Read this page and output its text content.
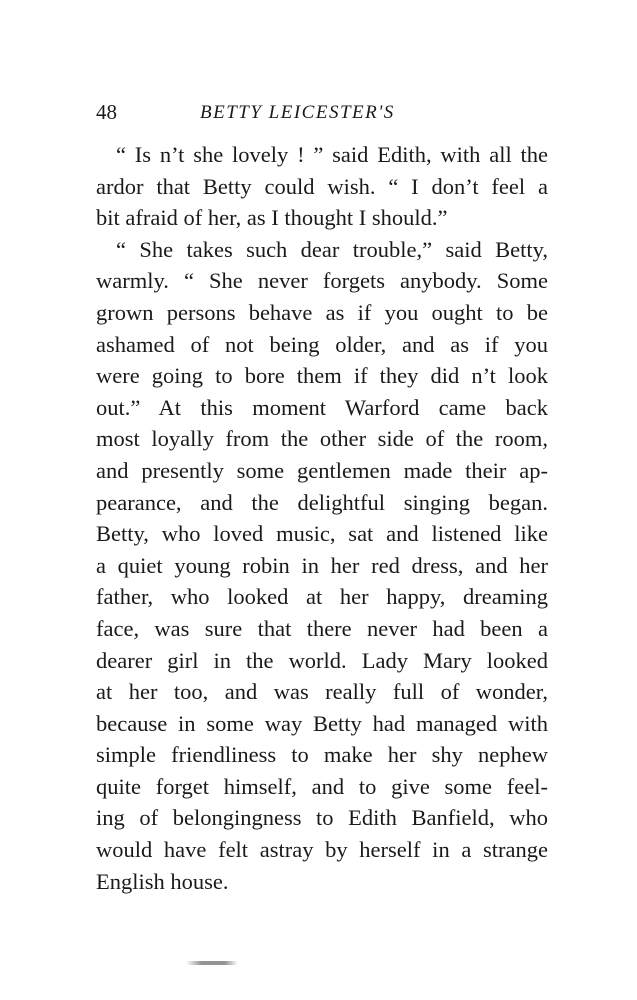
48	BETTY LEICESTER'S
“ Is n’t she lovely ! ” said Edith, with all the
ardor that Betty could wish. “ I don’t feel a
bit afraid of her, as I thought I should.”
“ She takes such dear trouble,” said Betty,
warmly. “ She never forgets anybody. Some
grown persons behave as if you ought to be
ashamed of not being older, and as if you
were going to bore them if they did n’t look
out.” At this moment Warford came back
most loyally from the other side of the room,
and presently some gentlemen made their ap-
pearance, and the delightful singing began.
Betty, who loved music, sat and listened like
a quiet young robin in her red dress, and her
father, who looked at her happy, dreaming
face, was sure that there never had been a
dearer girl in the world. Lady Mary looked
at her too, and was really full of wonder,
because in some way Betty had managed with
simple friendliness to make her shy nephew
quite forget himself, and to give some feel-
ing of belongingness to Edith Banfield, who
would have felt astray by herself in a strange
English house.
